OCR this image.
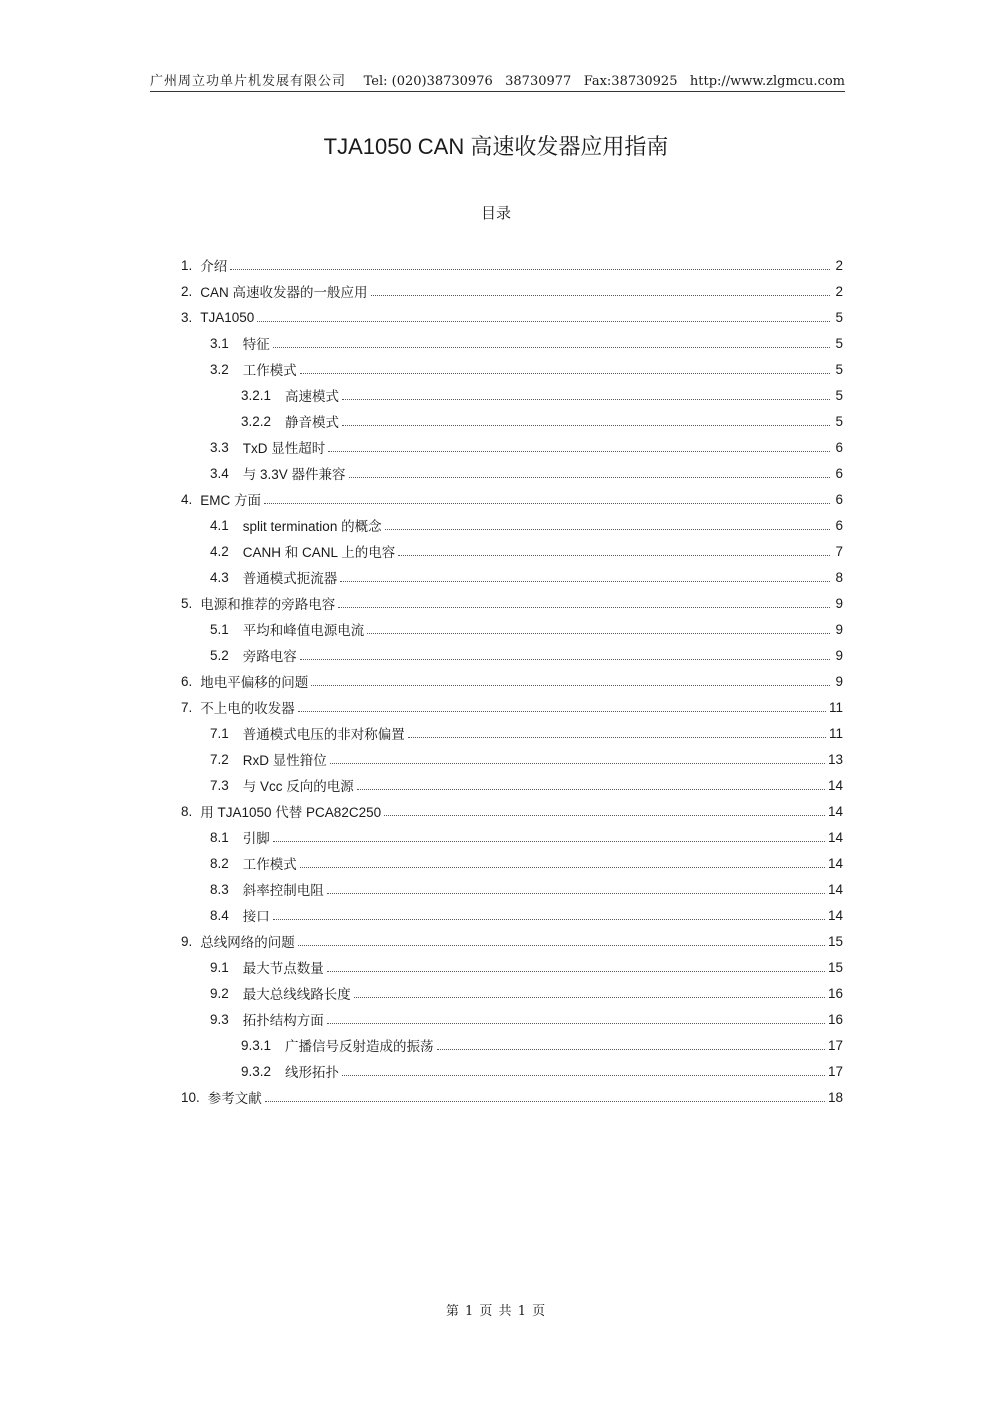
广州周立功单片机发展有限公司 Tel: (020)38730976   38730977   Fax:38730925   http://www.zlgmcu.com
TJA1050 CAN 高速收发器应用指南
目录
1. 介绍	2
2. CAN 高速收发器的一般应用	2
3. TJA1050	5
3.1 特征	5
3.2 工作模式	5
3.2.1 高速模式	5
3.2.2 静音模式	5
3.3 TxD 显性超时	6
3.4 与 3.3V 器件兼容	6
4. EMC 方面	6
4.1 split termination 的概念	6
4.2 CANH 和 CANL 上的电容	7
4.3 普通模式扼流器	8
5. 电源和推荐的旁路电容	9
5.1 平均和峰值电源电流	9
5.2 旁路电容	9
6. 地电平偏移的问题	9
7. 不上电的收发器	11
7.1 普通模式电压的非对称偏置	11
7.2 RxD 显性箝位	13
7.3 与 Vcc 反向的电源	14
8. 用 TJA1050 代替 PCA82C250	14
8.1 引脚	14
8.2 工作模式	14
8.3 斜率控制电阻	14
8.4 接口	14
9. 总线网络的问题	15
9.1 最大节点数量	15
9.2 最大总线线路长度	16
9.3 拓扑结构方面	16
9.3.1 广播信号反射造成的振荡	17
9.3.2 线形拓扑	17
10. 参考文献	18
第 1 页 共 1 页
